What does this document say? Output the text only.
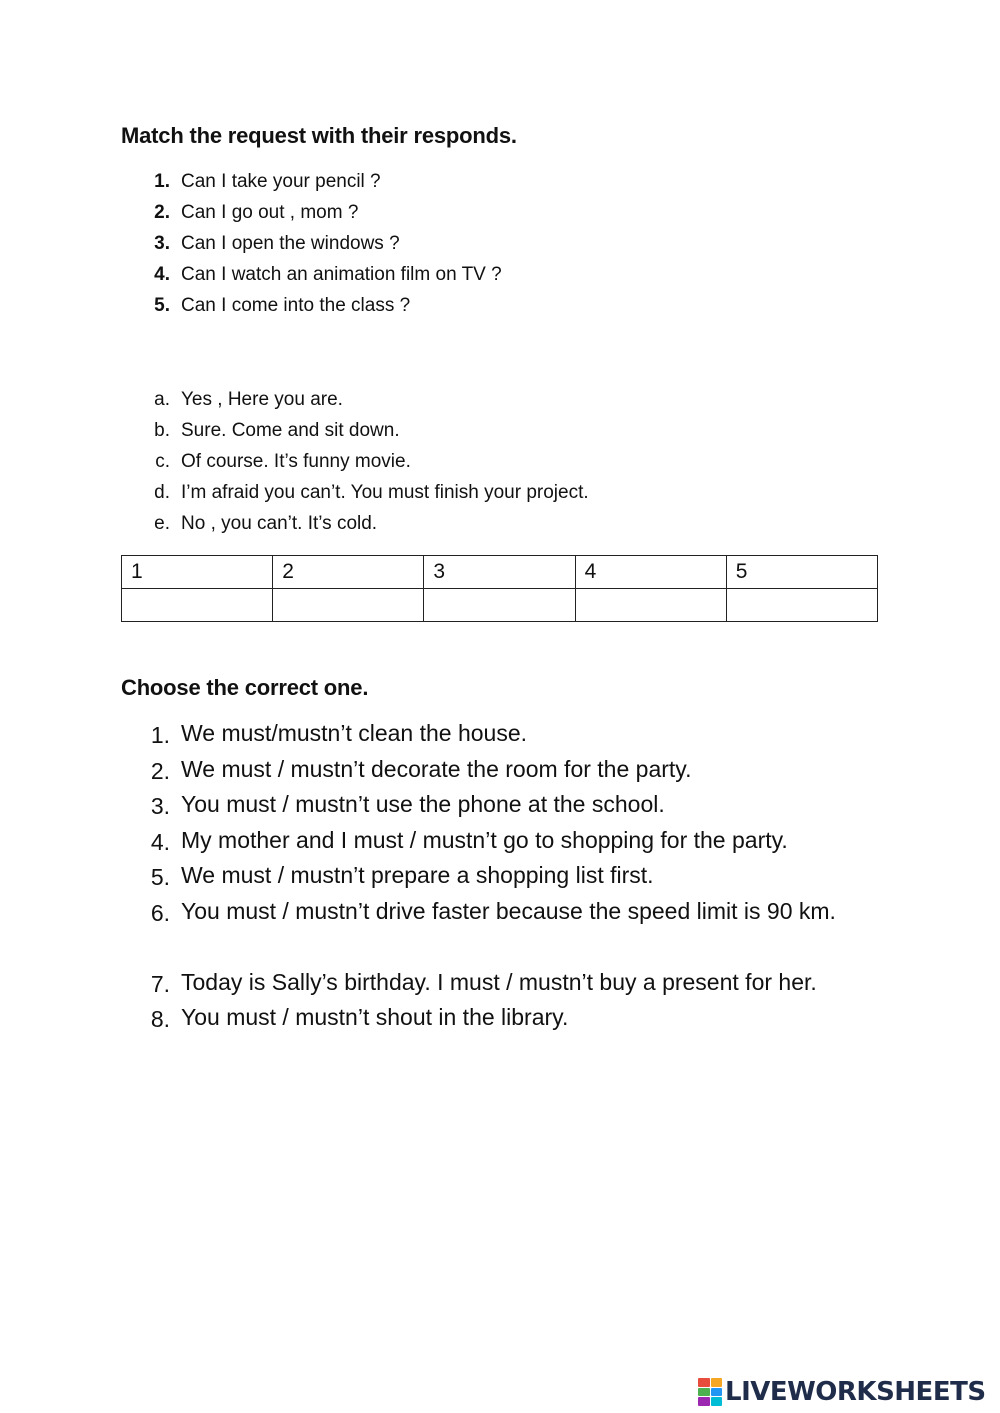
Match the request with their responds.
1. Can I take your pencil ?
2. Can I go out , mom ?
3. Can I open the windows ?
4. Can I watch an animation film on TV ?
5. Can I come into the class ?
a. Yes , Here you are.
b. Sure. Come and sit down.
c. Of course. It’s funny movie.
d. I’m afraid you can’t. You must finish your project.
e. No , you can’t. It’s cold.
1	2	3	4	5

Choose the correct one.
1. We must/mustn’t clean the house.
2. We must / mustn’t decorate the room for the party.
3. You must / mustn’t use the phone at the school.
4. My mother and I must / mustn’t go to shopping for the party.
5. We must / mustn’t prepare a shopping list first.
6. You must / mustn’t drive faster because the speed limit is 90 km.
7. Today is Sally’s birthday. I must / mustn’t buy a present for her.
8. You must / mustn’t shout in the library.
LIVEWORKSHEETS
